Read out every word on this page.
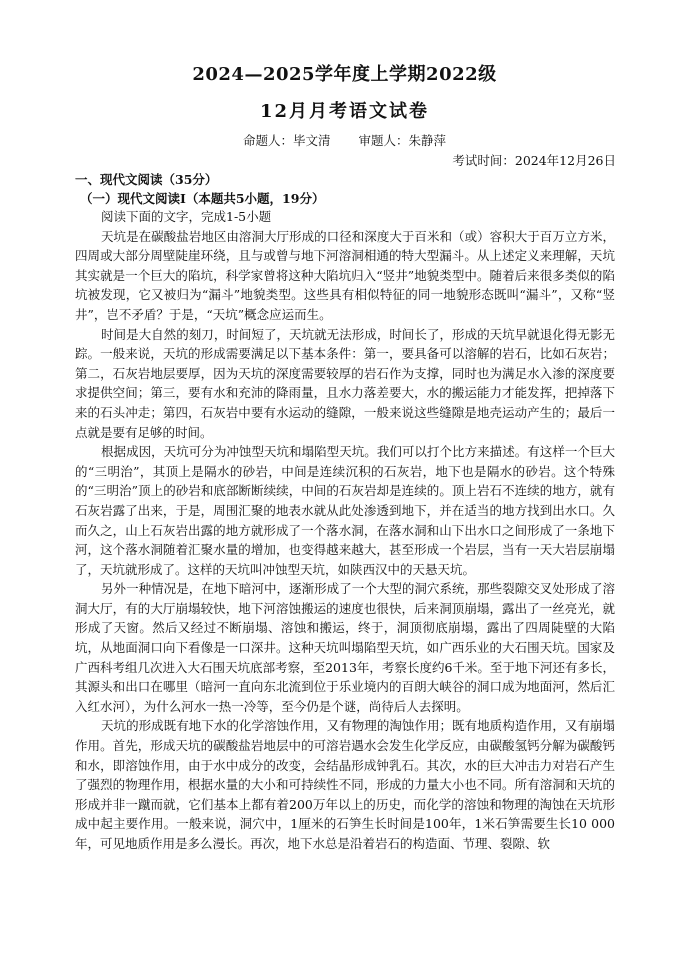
2024—2025学年度上学期2022级
12月月考语文试卷
命题人：毕文清 审题人：朱静萍
考试时间：2024年12月26日
一、现代文阅读（35分）
（一）现代文阅读I（本题共5小题，19分）

阅读下面的文字，完成1-5小题

天坑是在碳酸盐岩地区由溶洞大厅形成的口径和深度大于百米和（或）容积大于百万立方米，四周或大部分周壁陡崖环绕，且与或曾与地下河溶洞相通的特大型漏斗。从上述定义来理解，天坑其实就是一个巨大的陷坑，科学家曾将这种大陷坑归入“竖井”地貌类型中。随着后来很多类似的陷坑被发现，它又被归为“漏斗”地貌类型。这些具有相似特征的同一地貌形态既叫“漏斗”，又称“竖井”，岂不矛盾？于是，“天坑”概念应运而生。

时间是大自然的刻刀，时间短了，天坑就无法形成，时间长了，形成的天坑早就退化得无影无踪。一般来说，天坑的形成需要满足以下基本条件：第一，要具备可以溶解的岩石，比如石灰岩；第二，石灰岩地层要厚，因为天坑的深度需要较厚的岩石作为支撑，同时也为满足水入渗的深度要求提供空间；第三，要有水和充沛的降雨量，且水力落差要大，水的搬运能力才能发挥，把掉落下来的石头冲走；第四，石灰岩中要有水运动的缝隙，一般来说这些缝隙是地壳运动产生的；最后一点就是要有足够的时间。

根据成因，天坑可分为冲蚀型天坑和塌陷型天坑。我们可以打个比方来描述。有这样一个巨大的“三明治”，其顶上是隔水的砂岩，中间是连续沉积的石灰岩，地下也是隔水的砂岩。这个特殊的“三明治”顶上的砂岩和底部断断续续，中间的石灰岩却是连续的。顶上岩石不连续的地方，就有石灰岩露了出来，于是，周围汇聚的地表水就从此处渗透到地下，并在适当的地方找到出水口。久而久之，山上石灰岩出露的地方就形成了一个落水洞，在落水洞和山下出水口之间形成了一条地下河，这个落水洞随着汇聚水量的增加，也变得越来越大，甚至形成一个岩层，当有一天大岩层崩塌了，天坑就形成了。这样的天坑叫冲蚀型天坑，如陕西汉中的天悬天坑。

另外一种情况是，在地下暗河中，逐渐形成了一个大型的洞穴系统，那些裂隙交叉处形成了溶洞大厅，有的大厅崩塌较快，地下河溶蚀搬运的速度也很快，后来洞顶崩塌，露出了一丝亮光，就形成了天窗。然后又经过不断崩塌、溶蚀和搬运，终于，洞顶彻底崩塌，露出了四周陡壁的大陷坑，从地面洞口向下看像是一口深井。这种天坑叫塌陷型天坑，如广西乐业的大石围天坑。国家及广西科考组几次进入大石围天坑底部考察，至2013年，考察长度约6千米。至于地下河还有多长，其源头和出口在哪里（暗河一直向东北流到位于乐业境内的百朗大峡谷的洞口成为地面河，然后汇入红水河），为什么河水一热一冷等，至今仍是个谜，尚待后人去探明。

天坑的形成既有地下水的化学溶蚀作用，又有物理的淘蚀作用；既有地质构造作用，又有崩塌作用。首先，形成天坑的碳酸盐岩地层中的可溶岩遇水会发生化学反应，由碳酸氢钙分解为碳酸钙和水，即溶蚀作用，由于水中成分的改变，会结晶形成钟乳石。其次，水的巨大冲击力对岩石产生了强烈的物理作用，根据水量的大小和可持续性不同，形成的力量大小也不同。所有溶洞和天坑的形成并非一蹴而就，它们基本上都有着200万年以上的历史，而化学的溶蚀和物理的淘蚀在天坑形成中起主要作用。一般来说，洞穴中，1厘米的石笋生长时间是100年，1米石笋需要生长10 000年，可见地质作用是多么漫长。再次，地下水总是沿着岩石的构造面、节理、裂隙、软
